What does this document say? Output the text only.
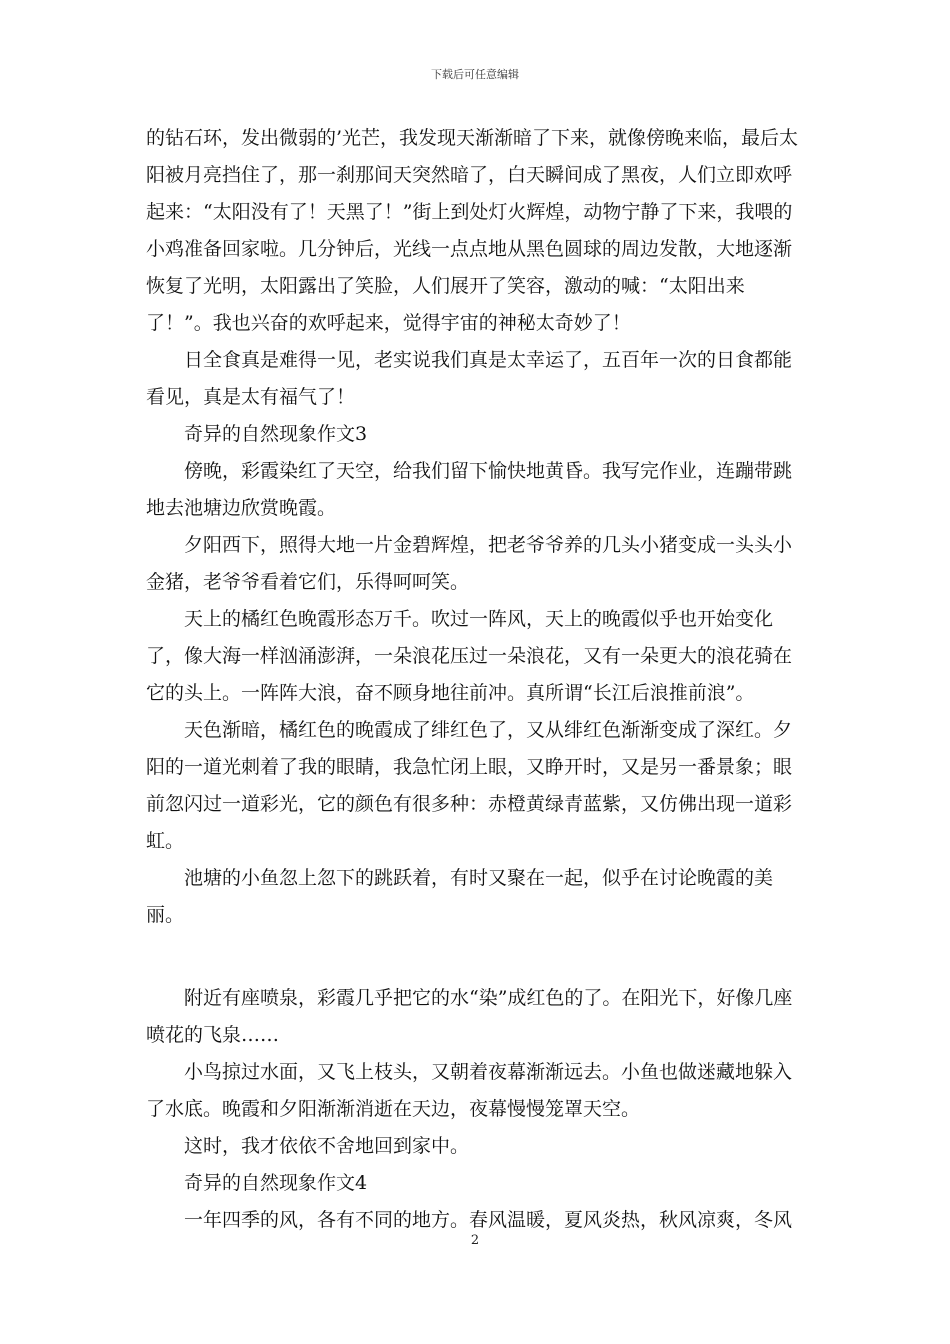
下载后可任意编辑

的钻石环，发出微弱的’光芒，我发现天渐渐暗了下来，就像傍晚来临，最后太阳被月亮挡住了，那一刹那间天突然暗了，白天瞬间成了黑夜，人们立即欢呼起来：“太阳没有了！天黑了！”街上到处灯火辉煌，动物宁静了下来，我喂的小鸡准备回家啦。几分钟后，光线一点点地从黑色圆球的周边发散，大地逐渐恢复了光明，太阳露出了笑脸，人们展开了笑容，激动的喊：“太阳出来了！”。我也兴奋的欢呼起来，觉得宇宙的神秘太奇妙了！

日全食真是难得一见，老实说我们真是太幸运了，五百年一次的日食都能看见，真是太有福气了！

奇异的自然现象作文3

傍晚，彩霞染红了天空，给我们留下愉快地黄昏。我写完作业，连蹦带跳地去池塘边欣赏晚霞。

夕阳西下，照得大地一片金碧辉煌，把老爷爷养的几头小猪变成一头头小金猪，老爷爷看着它们，乐得呵呵笑。

天上的橘红色晚霞形态万千。吹过一阵风，天上的晚霞似乎也开始变化了，像大海一样汹涌澎湃，一朵浪花压过一朵浪花，又有一朵更大的浪花骑在它的头上。一阵阵大浪，奋不顾身地往前冲。真所谓“长江后浪推前浪”。

天色渐暗，橘红色的晚霞成了绯红色了，又从绯红色渐渐变成了深红。夕阳的一道光刺着了我的眼睛，我急忙闭上眼，又睁开时，又是另一番景象；眼前忽闪过一道彩光，它的颜色有很多种：赤橙黄绿青蓝紫，又仿佛出现一道彩虹。

池塘的小鱼忽上忽下的跳跃着，有时又聚在一起，似乎在讨论晚霞的美丽。

附近有座喷泉，彩霞几乎把它的水“染”成红色的了。在阳光下，好像几座喷花的飞泉……

小鸟掠过水面，又飞上枝头，又朝着夜幕渐渐远去。小鱼也做迷藏地躲入了水底。晚霞和夕阳渐渐消逝在天边，夜幕慢慢笼罩天空。

这时，我才依依不舍地回到家中。

奇异的自然现象作文4

一年四季的风，各有不同的地方。春风温暖，夏风炎热，秋风凉爽，冬风

2
